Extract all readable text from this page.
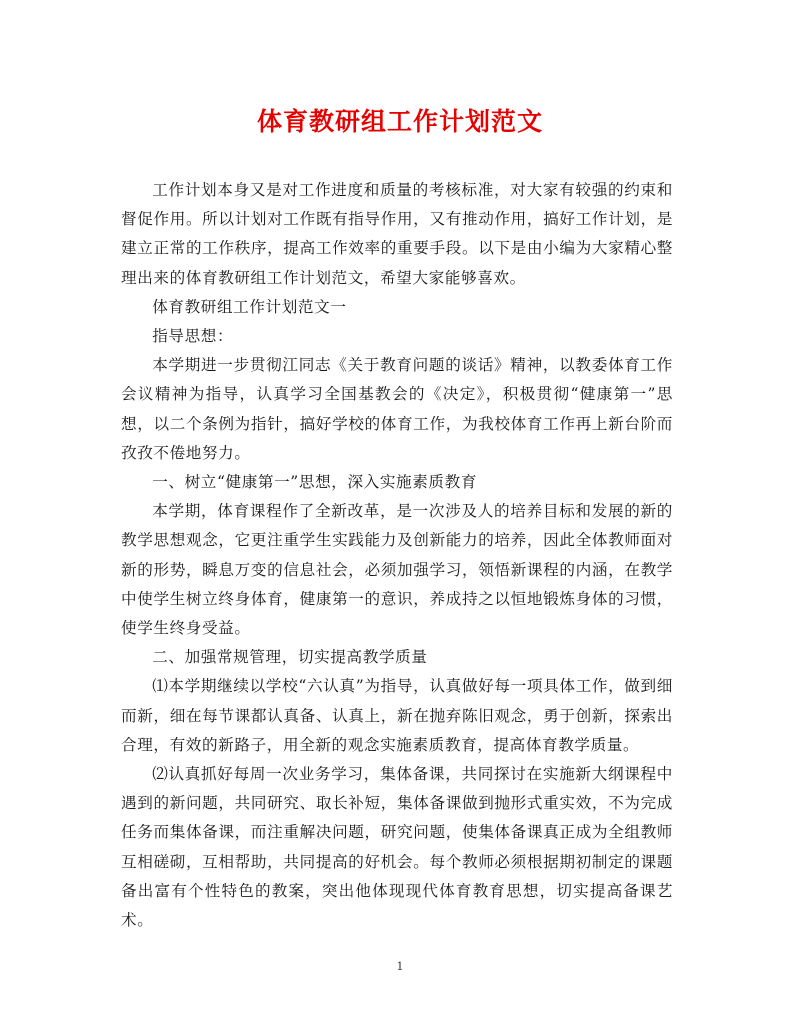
体育教研组工作计划范文

工作计划本身又是对工作进度和质量的考核标准，对大家有较强的约束和督促作用。所以计划对工作既有指导作用，又有推动作用，搞好工作计划，是建立正常的工作秩序，提高工作效率的重要手段。以下是由小编为大家精心整理出来的体育教研组工作计划范文，希望大家能够喜欢。

体育教研组工作计划范文一

指导思想：

本学期进一步贯彻江同志《关于教育问题的谈话》精神，以教委体育工作会议精神为指导，认真学习全国基教会的《决定》，积极贯彻“健康第一”思想，以二个条例为指针，搞好学校的体育工作，为我校体育工作再上新台阶而孜孜不倦地努力。

一、树立“健康第一”思想，深入实施素质教育

本学期，体育课程作了全新改革，是一次涉及人的培养目标和发展的新的教学思想观念，它更注重学生实践能力及创新能力的培养，因此全体教师面对新的形势，瞬息万变的信息社会，必须加强学习，领悟新课程的内涵，在教学中使学生树立终身体育，健康第一的意识，养成持之以恒地锻炼身体的习惯，使学生终身受益。

二、加强常规管理，切实提高教学质量

⑴本学期继续以学校“六认真”为指导，认真做好每一项具体工作，做到细而新，细在每节课都认真备、认真上，新在抛弃陈旧观念，勇于创新，探索出合理，有效的新路子，用全新的观念实施素质教育，提高体育教学质量。

⑵认真抓好每周一次业务学习，集体备课，共同探讨在实施新大纲课程中遇到的新问题，共同研究、取长补短，集体备课做到抛形式重实效，不为完成任务而集体备课，而注重解决问题，研究问题，使集体备课真正成为全组教师互相磋砌，互相帮助，共同提高的好机会。每个教师必须根据期初制定的课题备出富有个性特色的教案，突出他体现现代体育教育思想，切实提高备课艺术。

1
